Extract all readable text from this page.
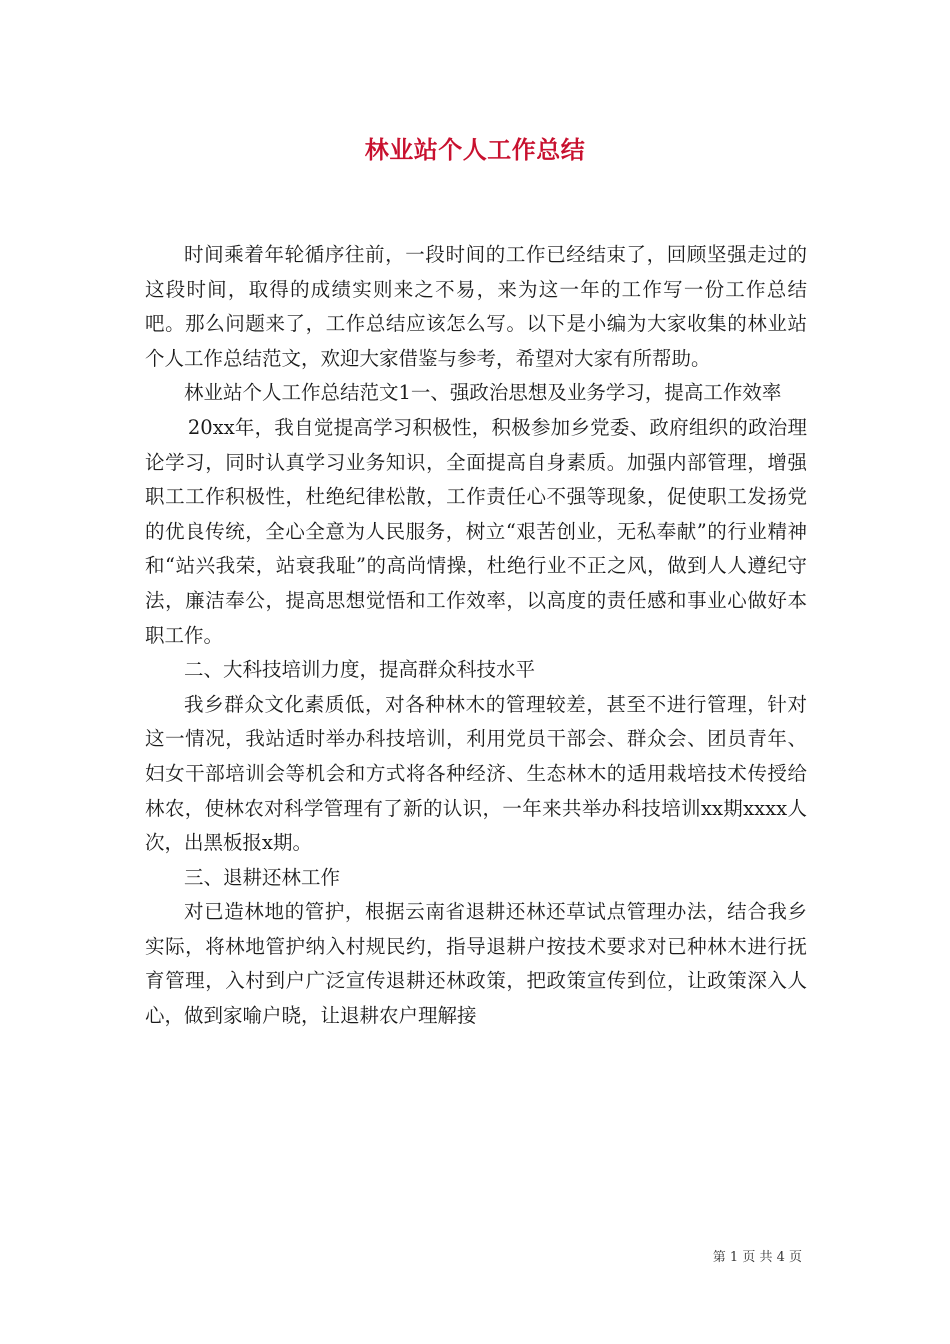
林业站个人工作总结

时间乘着年轮循序往前，一段时间的工作已经结束了，回顾坚强走过的这段时间，取得的成绩实则来之不易，来为这一年的工作写一份工作总结吧。那么问题来了，工作总结应该怎么写。以下是小编为大家收集的林业站个人工作总结范文，欢迎大家借鉴与参考，希望对大家有所帮助。

林业站个人工作总结范文1一、强政治思想及业务学习，提高工作效率

20xx年，我自觉提高学习积极性，积极参加乡党委、政府组织的政治理论学习，同时认真学习业务知识，全面提高自身素质。加强内部管理，增强职工工作积极性，杜绝纪律松散，工作责任心不强等现象，促使职工发扬党的优良传统，全心全意为人民服务，树立“艰苦创业，无私奉献”的行业精神和“站兴我荣，站衰我耻”的高尚情操，杜绝行业不正之风，做到人人遵纪守法，廉洁奉公，提高思想觉悟和工作效率，以高度的责任感和事业心做好本职工作。

二、大科技培训力度，提高群众科技水平

我乡群众文化素质低，对各种林木的管理较差，甚至不进行管理，针对这一情况，我站适时举办科技培训，利用党员干部会、群众会、团员青年、妇女干部培训会等机会和方式将各种经济、生态林木的适用栽培技术传授给林农，使林农对科学管理有了新的认识，一年来共举办科技培训xx期xxxx人次，出黑板报x期。

三、退耕还林工作

对已造林地的管护，根据云南省退耕还林还草试点管理办法，结合我乡实际，将林地管护纳入村规民约，指导退耕户按技术要求对已种林木进行抚育管理，入村到户广泛宣传退耕还林政策，把政策宣传到位，让政策深入人心，做到家喻户晓，让退耕农户理解接

第 1 页 共 4 页
